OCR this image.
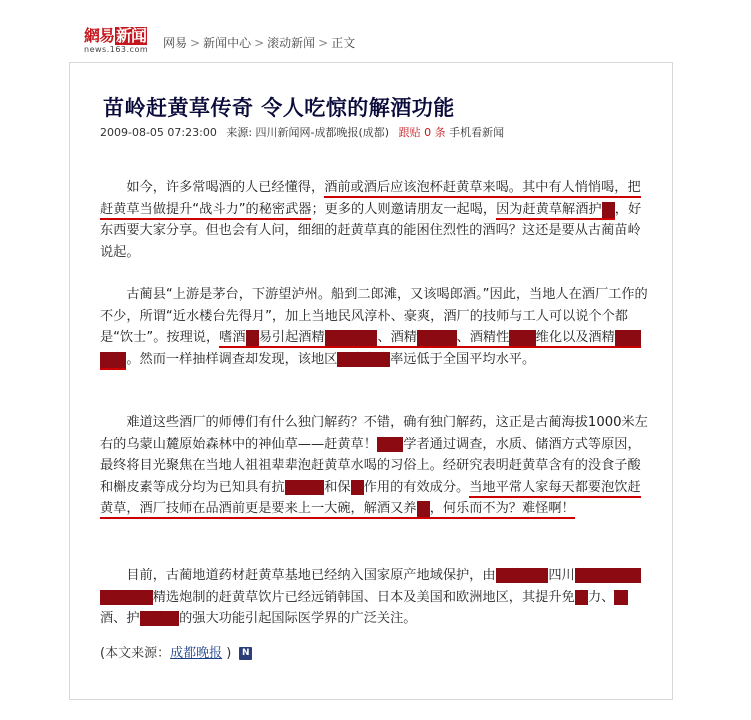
網易 新闻
news.163.com	网易 > 新闻中心 > 滚动新闻 > 正文
苗岭赶黄草传奇 令人吃惊的解酒功能
2009-08-05 07:23:00 来源: 四川新闻网-成都晚报(成都) 跟贴 0 条 手机看新闻

　　如今，许多常喝酒的人已经懂得，酒前或酒后应该泡杯赶黄草来喝。其中有人悄悄喝，把赶黄草当做提升“战斗力”的秘密武器；更多的人则邀请朋友一起喝，因为赶黄草解酒护肝，好东西要大家分享。但也会有人问，细细的赶黄草真的能困住烈性的酒吗？这还是要从古蔺苗岭说起。

　　古蔺县“上游是茅台，下游望泸州。船到二郎滩，又该喝郎酒。”因此，当地人在酒厂工作的不少，所谓“近水楼台先得月”，加上当地民风淳朴、豪爽，酒厂的技师与工人可以说个个都是“饮士”。按理说，嗜酒容易引起酒精性脂肪肝、酒精性肝炎、酒精性肝纤维化以及酒精性肝硬化。然而一样抽样调查却发现，该地区肝病发病率远低于全国平均水平。

　　难道这些酒厂的师傅们有什么独门解药？不错，确有独门解药，这正是古蔺海拔1000米左右的乌蒙山麓原始森林中的神仙草——赶黄草！有关学者通过调查，水质、储酒方式等原因，最终将目光聚焦在当地人祖祖辈辈泡赶黄草水喝的习俗上。经研究表明赶黄草含有的没食子酸和槲皮素等成分均为已知具有抗肝损伤和保肝作用的有效成分。当地平常人家每天都要泡饮赶黄草，酒厂技师在品酒前更是要来上一大碗，解酒又养肝，何乐而不为？难怪啊！

　　目前，古蔺地道药材赶黄草基地已经纳入国家原产地域保护，由某某药业四川某某某某某某某某某精选炮制的赶黄草饮片已经远销韩国、日本及美国和欧洲地区，其提升免疫力、解酒、护肝降酶的强大功能引起国际医学界的广泛关注。

(本文来源：成都晚报 ) N
